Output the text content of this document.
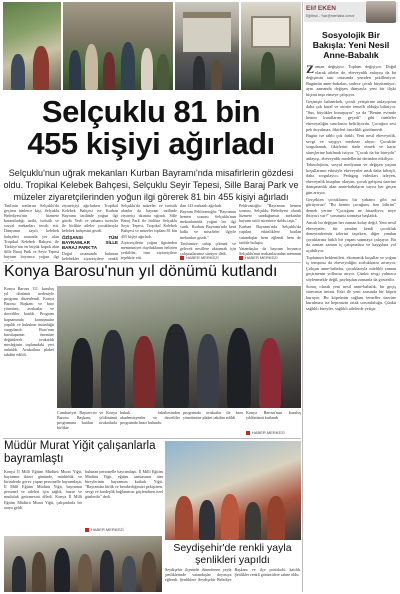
Selçuklu 81 bin
455 kişiyi ağırladı
Selçuklu'nun uğrak mekanları Kurban Bayramı'nda misafirlerin gözdesi oldu. Tropikal Kelebek Bahçesi, Selçuklu Seyir Tepesi, Sille Baraj Park ve müzeler ziyaretçilerinden yoğun ilgi görerek 81 bin 455 kişiyi ağırladı

Tatilinin sonlarını Selçuklu'da geçiren binlerce kişi, Selçuklu Belediyesi'nin hizmete kazandırdığı tarihi, turistik ve sosyal mekanları tercih etti. Dünyanın sayılı kelebek bahçeleri arasında yer alan Tropikal Kelebek Bahçesi ile Türkiye'nin en büyük kapalı alan Sille Baraj Park ve Seyir Tepesi bayram boyunca yoğun ilgi

ziyaretçiyi ağırlarken Tropikal Kelebek Bahçesi ise Kurban Bayramı tatilinde yoğun ilgi gördü. Yerli ve yabancı turistler ile birlikte aileler çocuklarıyla kelebek bahçesini gezdi.

ÖZİŞANSI TÜM BAYRAMLAR SİLLE BARAJ PARK'TA

Doğal ortamında bulunan kelebekler ziyaretçilere renkli

Selçuklu'da müzeler ve turistik alanlar da bayram tatilinde ziyaretçi akınına uğradı. Sille Baraj Park ile birlikte Selçuklu Seyir Tepesi, Tropikal Kelebek Bahçesi ve müzeler toplam 81 bin 455 kişiyi ağırladı.

Ziyaretçilerin yoğun ilgisinden memnuniyet duyduklarını belirten yetkililer, tüm ziyaretçilere teşekkür etti.

ilan 143 mekanlı ağırladı.

Bayram Pehlivanoğlu: "Bayramın hemen sonrası Selçuklu'nun mekanlarında yoğun bir ilgi vardı. Kurban Bayramı'nda kent halkı ve misafirler ilgiyle mekanları gezdi."

Tarihimize sahip çıkmak ve gelecek nesillere aktarmak için çalışmalarımız sürüyor dedi.

HABER MERKEZİ

Pehlivanoğlu: "Bayramın hemen sonrası, Selçuklu Belediyesi olarak hizmete sunduğumuz mekanlar bayram tatili süresince doldu taştı."

Kurban Bayramı'nda Selçuklu'da yapılan etkinliklere katılan vatandaşlar hem eğlendi hem de tarihle buluştu.

Vatandaşlar da bayram boyunca Selçuklu'nun mekanlarından memnun

HABER MERKEZİ
Konya Barosu'nun yıl dönümü kutlandı

Konya Barosu 111. kuruluş yıl dönümü nedeniyle program düzenlendi. Konya Barosu Başkanı ve baro yönetimi, avukatlar ve davetliler katıldı. Program kapsamında konuşmalar yapıldı ve hukukun üstünlüğü vurgulandı. Baro'nun kuruluşunun önemine değinilerek avukatlık mesleğinin toplumdaki yeri anlatıldı. Avukatlara plaket takdim edildi.

Cumhuriyet Başsavcısı ve Konya Barosu Başkanı, yıldönümü programına katılan avukatlarla birlikte

hukuk fakültesinden akademisyenler ve davetliler programda hazır bulundu

programda avukatlar ile baro yönetimine plaket takdim edildi

Konya Barosu'nun kuruluş yıldönümü kutlandı

HABER MERKEZİ
Müdür Murat Yiğit çalışanlarla bayramlaştı

Konya İl Milli Eğitim Müdürü Murat Yiğit, bayramın ikinci gününde, müdürlük ve birimlerde görev yapan personelle bayramlaştı. İl Milli Eğitim Müdürü Yiğit, bayramın personel ve aileleri için sağlık, huzur ve mutluluk getirmesini diledi. Konya İl Milli Eğitim Müdürü Murat Yiğit, çalışanlarla bir araya geldi.

bulunan personelle bayramlaştı. İl Milli Eğitim Müdürü Yiğit, eğitim camiasının tüm bireylerinin bayramını kutladı. Yiğit, "Bayramlar birlik ve beraberliğimizi pekiştiren, sevgi ve kardeşlik bağlarımızı güçlendiren özel günlerdir" dedi.

HABER MERKEZİ
Seydişehir'de renkli yayla şenlikleri yapıldı

Seydişehir ilçesinde düzenlenen yayla şenliklerinde vatandaşlar doyasıya eğlendi. Şenliklere Seydişehir Belediye Başkanı ve ilçe protokolü katıldı. Şenlikler renkli görüntülere sahne oldu.

Elif EKEN
Eğitimci - Yazı@merhaba.com.tr
Sosyolojik Bir Bakışla: Yeni Nesil Anne-Babalık

Zaman değişiyor. Toplum değişiyor. Doğal olarak aileler de, ebeveynlik anlayışı da bu değişimin tam ortasında yeniden şekilleniyor. Bugünün anne-babaları, sadece çocuk büyütmüyor; aynı zamanda değişen dünyayla yeni bir ilişki biçimi inşa etmeye çalışıyor.

Geçmişte babaerkek, çocuk yetiştirme anlayışının daha çok kural ve otorite temelli olduğu biliniyor. "Sus, büyükler konuşuyor" ya da "Benim evimde benim kurallarım geçerli" gibi cümleler ebeveynliğin sınırlarını belirliyordu. Çocuğun sesi pek duyulmaz, fikirleri öncelikli görülmezdi.

Bugün ise tablo çok farklı. Yeni nesil ebeveynlik, sevgi ve saygıyı merkeze alıyor. Çocuklar sorgulamak, fikirlerini ifade etmek ve karar süreçlerine katılmak istiyor. "Çocuk da bir bireydir" anlayışı, ebeveynlik modellerini derinden etkiliyor.

Teknolojinin, sosyal medyanın ve değişen yaşam koşullarının etkisiyle ebeveynler artık daha bilinçli, daha sorgulayıcı. Pedagog videoları izleyen, ebeveynlik kitapları okuyan, çocuk gelişimi üzerine danışmanlık alan anne-babaların sayısı her geçen gün artıyor.

Gerçekten çocuklarını bir yabancı gibi mi görüyoruz? "Bu benim çocuğum, ben bilirim" demek yerine "Çocuğum ne hissediyor, neye ihtiyacı var?" sorusunu sormaya başladık.

Ancak bu değişim her zaman kolay değil. Yeni nesil ebeveynler, bir yandan kendi çocukluk deneyimlerinin izlerini taşırken, diğer yandan çocuklarına farklı bir yaşam sunmaya çalışıyor. Bu da zaman zaman iç çatışmalara ve kaygılara yol açabiliyor.

Toplumun beklentileri, ekonomik koşullar ve yoğun iş temposu da ebeveynliğin zorluklarını artırıyor. Çalışan anne-babalar, çocuklarıyla nitelikli zaman geçirmenin yollarını arıyor. Çünkü sevgi yalnızca söylenmekle değil, paylaşılan zamanla da gösterilir.

Sonuç olarak yeni nesil anne-babalık, bir geçiş sürecinin ürünü. Eski ile yeni arasında bir köprü kuruyor. Bu köprünün sağlam temeller üzerine kurulması ise hepimizin ortak sorumluluğu. Çünkü sağlıklı bireyler, sağlıklı ailelerde yetişir.
